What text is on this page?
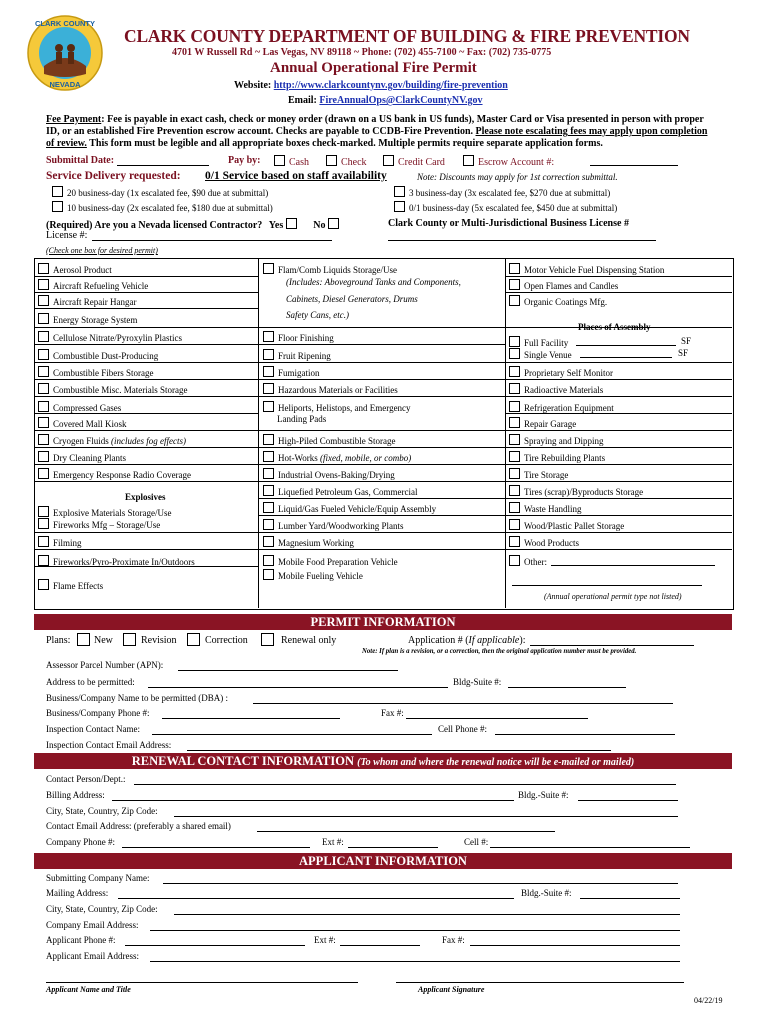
CLARK COUNTY
NEVADA
CLARK COUNTY DEPARTMENT OF BUILDING & FIRE PREVENTION
4701 W Russell Rd ~ Las Vegas, NV 89118 ~ Phone: (702) 455-7100 ~ Fax: (702) 735-0775
Annual Operational Fire Permit
Website: http://www.clarkcountynv.gov/building/fire-prevention
Email: FireAnnualOps@ClarkCountyNV.gov
Fee Payment: Fee is payable in exact cash, check or money order (drawn on a US bank in US funds), Master Card or Visa presented in person with proper
ID, or an established Fire Prevention escrow account. Checks are payable to CCDB-Fire Prevention. Please note escalating fees may apply upon completion
of review. This form must be legible and all appropriate boxes check-marked. Multiple permits require separate application forms.
Submittal Date:	Pay by:	Cash	Check	Credit Card	Escrow Account #:
Service Delivery requested: 0/1 Service based on staff availability	Note: Discounts may apply for 1st correction submittal.
20 business-day (1x escalated fee, $90 due at submittal)
10 business-day (2x escalated fee, $180 due at submittal)
3 business-day (3x escalated fee, $270 due at submittal)
0/1 business-day (5x escalated fee, $450 due at submittal)
(Required) Are you a Nevada licensed Contractor? Yes	No
License #:
Clark County or Multi-Jurisdictional Business License #
(Check one box for desired permit)
Aerosol Product
Aircraft Refueling Vehicle
Aircraft Repair Hangar
Energy Storage System
Cellulose Nitrate/Pyroxylin Plastics
Combustible Dust-Producing
Combustible Fibers Storage
Combustible Misc. Materials Storage
Compressed Gases
Covered Mall Kiosk
Cryogen Fluids (includes fog effects)
Dry Cleaning Plants
Emergency Response Radio Coverage
Explosives
Explosive Materials Storage/Use
Fireworks Mfg – Storage/Use
Filming
Fireworks/Pyro-Proximate In/Outdoors
Flame Effects
Flam/Comb Liquids Storage/Use
(Includes: Aboveground Tanks and Components,
Cabinets, Diesel Generators, Drums
Safety Cans, etc.)
Floor Finishing
Fruit Ripening
Fumigation
Hazardous Materials or Facilities
Heliports, Helistops, and Emergency
Landing Pads
High-Piled Combustible Storage
Hot-Works (fixed, mobile, or combo)
Industrial Ovens-Baking/Drying
Liquefied Petroleum Gas, Commercial
Liquid/Gas Fueled Vehicle/Equip Assembly
Lumber Yard/Woodworking Plants
Magnesium Working
Mobile Food Preparation Vehicle
Mobile Fueling Vehicle
Motor Vehicle Fuel Dispensing Station
Open Flames and Candles
Organic Coatings Mfg.
Places of Assembly
Full Facility	SF
Single Venue	SF
Proprietary Self Monitor
Radioactive Materials
Refrigeration Equipment
Repair Garage
Spraying and Dipping
Tire Rebuilding Plants
Tire Storage
Tires (scrap)/Byproducts Storage
Waste Handling
Wood/Plastic Pallet Storage
Wood Products
Other:
(Annual operational permit type not listed)
PERMIT INFORMATION
Plans: New	Revision	Correction	Renewal only	Application # (If applicable):
Note: If plan is a revision, or a correction, then the original application number must be provided.
Assessor Parcel Number (APN):
Address to be permitted:	Bldg-Suite #:
Business/Company Name to be permitted (DBA) :
Business/Company Phone #:	Fax #:
Inspection Contact Name:	Cell Phone #:
Inspection Contact Email Address:
RENEWAL CONTACT INFORMATION (To whom and where the renewal notice will be e-mailed or mailed)
Contact Person/Dept.:
Billing Address:	Bldg.-Suite #:
City, State, Country, Zip Code:
Contact Email Address: (preferably a shared email)
Company Phone #:	Ext #:	Cell #:
APPLICANT INFORMATION
Submitting Company Name:
Mailing Address:	Bldg.-Suite #:
City, State, Country, Zip Code:
Company Email Address:
Applicant Phone #:	Ext #:	Fax #:
Applicant Email Address:
Applicant Name and Title	Applicant Signature
04/22/19
